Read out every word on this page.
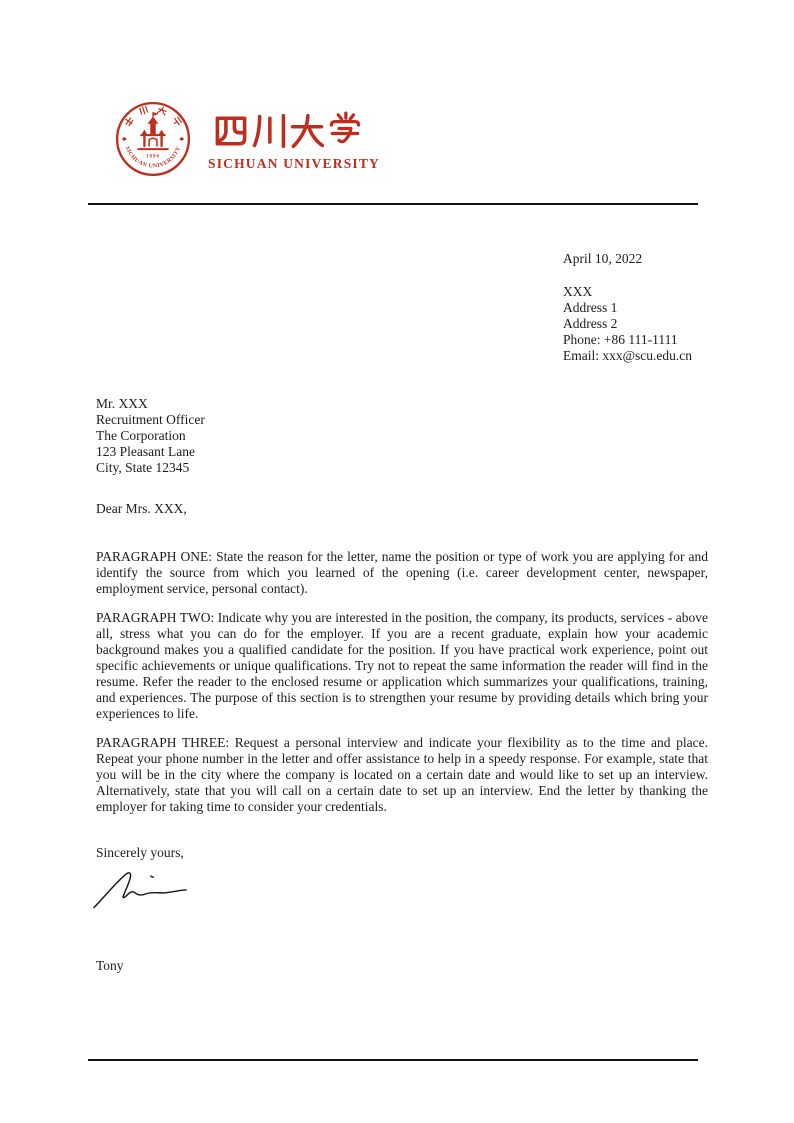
1896
SICHUAN UNIVERSITY
SICHUAN UNIVERSITY

April 10, 2022

XXX
Address 1
Address 2
Phone: +86 111-1111
Email: xxx@scu.edu.cn
Mr. XXX
Recruitment Officer
The Corporation
123 Pleasant Lane
City, State 12345
Dear Mrs. XXX,

PARAGRAPH ONE: State the reason for the letter, name the position or type of work you are applying for and identify the source from which you learned of the opening (i.e. career development center, newspaper, employment service, personal contact).

PARAGRAPH TWO: Indicate why you are interested in the position, the company, its products, services - above all, stress what you can do for the employer. If you are a recent graduate, explain how your academic background makes you a qualified candidate for the position. If you have practical work experience, point out specific achievements or unique qualifications. Try not to repeat the same information the reader will find in the resume. Refer the reader to the enclosed resume or application which summarizes your qualifications, training, and experiences. The purpose of this section is to strengthen your resume by providing details which bring your experiences to life.

PARAGRAPH THREE: Request a personal interview and indicate your flexibility as to the time and place. Repeat your phone number in the letter and offer assistance to help in a speedy response. For example, state that you will be in the city where the company is located on a certain date and would like to set up an interview. Alternatively, state that you will call on a certain date to set up an interview. End the letter by thanking the employer for taking time to consider your credentials.

Sincerely yours,
Tony
